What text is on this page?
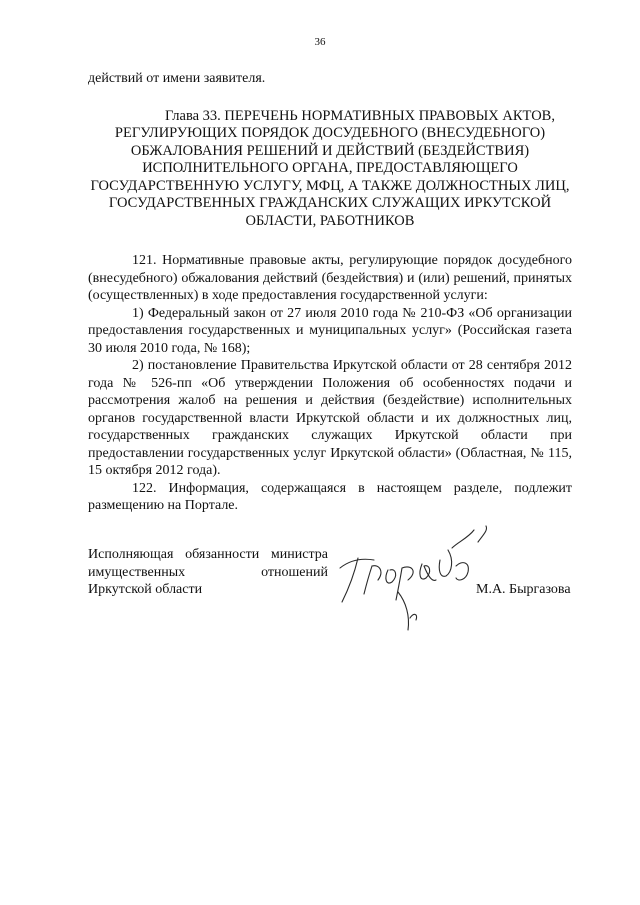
36

действий от имени заявителя.

Глава 33. ПЕРЕЧЕНЬ НОРМАТИВНЫХ ПРАВОВЫХ АКТОВ, РЕГУЛИРУЮЩИХ ПОРЯДОК ДОСУДЕБНОГО (ВНЕСУДЕБНОГО) ОБЖАЛОВАНИЯ РЕШЕНИЙ И ДЕЙСТВИЙ (БЕЗДЕЙСТВИЯ) ИСПОЛНИТЕЛЬНОГО ОРГАНА, ПРЕДОСТАВЛЯЮЩЕГО ГОСУДАРСТВЕННУЮ УСЛУГУ, МФЦ, А ТАКЖЕ ДОЛЖНОСТНЫХ ЛИЦ, ГОСУДАРСТВЕННЫХ ГРАЖДАНСКИХ СЛУЖАЩИХ ИРКУТСКОЙ ОБЛАСТИ, РАБОТНИКОВ

121. Нормативные правовые акты, регулирующие порядок досудебного (внесудебного) обжалования действий (бездействия) и (или) решений, принятых (осуществленных) в ходе предоставления государственной услуги:

1) Федеральный закон от 27 июля 2010 года № 210-ФЗ «Об организации предоставления государственных и муниципальных услуг» (Российская газета 30 июля 2010 года, № 168);

2) постановление Правительства Иркутской области от 28 сентября 2012 года № 526-пп «Об утверждении Положения об особенностях подачи и рассмотрения жалоб на решения и действия (бездействие) исполнительных органов государственной власти Иркутской области и их должностных лиц, государственных гражданских служащих Иркутской области при предоставлении государственных услуг Иркутской области» (Областная, № 115, 15 октября 2012 года).

122. Информация, содержащаяся в настоящем разделе, подлежит размещению на Портале.

Исполняющая обязанности министра
имущественных отношений
Иркутской области	М.А. Быргазова
